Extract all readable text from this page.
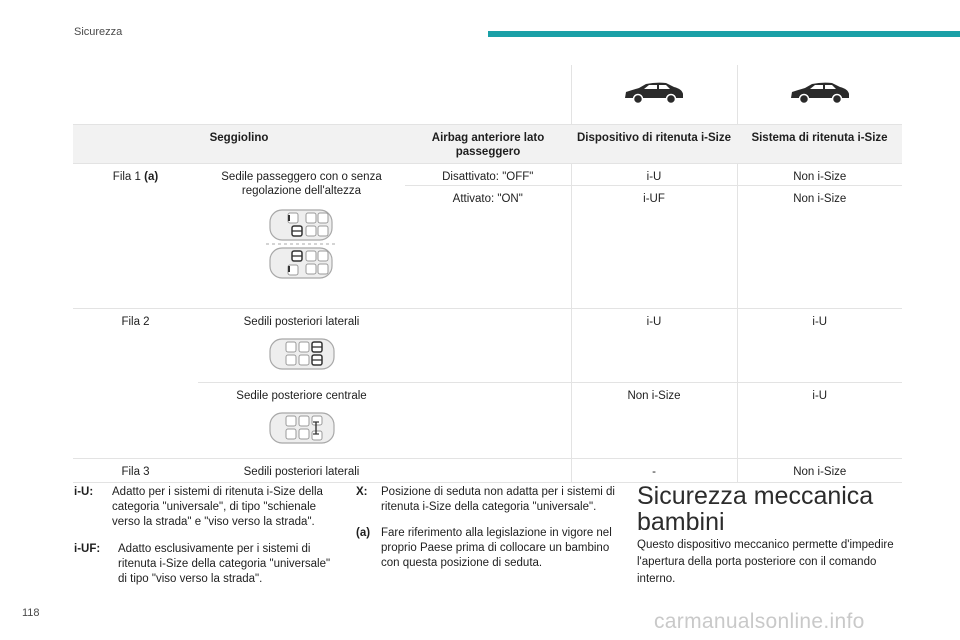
Sicurezza

Seggiolino		Airbag anteriore lato passeggero	Dispositivo di ritenuta i-Size	Sistema di ritenuta i-Size

Fila 1 (a)	Sedile passeggero con o senza regolazione dell'altezza	Disattivato: "OFF"	i-U	Non i-Size

		Attivato: "ON"	i-UF	Non i-Size

Fila 2	Sedili posteriori laterali		i-U	i-U

	Sedile posteriore centrale		Non i-Size	i-U

Fila 3	Sedili posteriori laterali		-	Non i-Size
i-U: Adatto per i sistemi di ritenuta i-Size della categoria "universale", di tipo "schienale verso la strada" e "viso verso la strada".
i-UF: Adatto esclusivamente per i sistemi di ritenuta i-Size della categoria "universale" di tipo "viso verso la strada".
X: Posizione di seduta non adatta per i sistemi di ritenuta i-Size della categoria "universale".
(a) Fare riferimento alla legislazione in vigore nel proprio Paese prima di collocare un bambino con questa posizione di seduta.
Sicurezza meccanica bambini
Questo dispositivo meccanico permette d'impedire l'apertura della porta posteriore con il comando interno.
118	carmanualsonline.info
